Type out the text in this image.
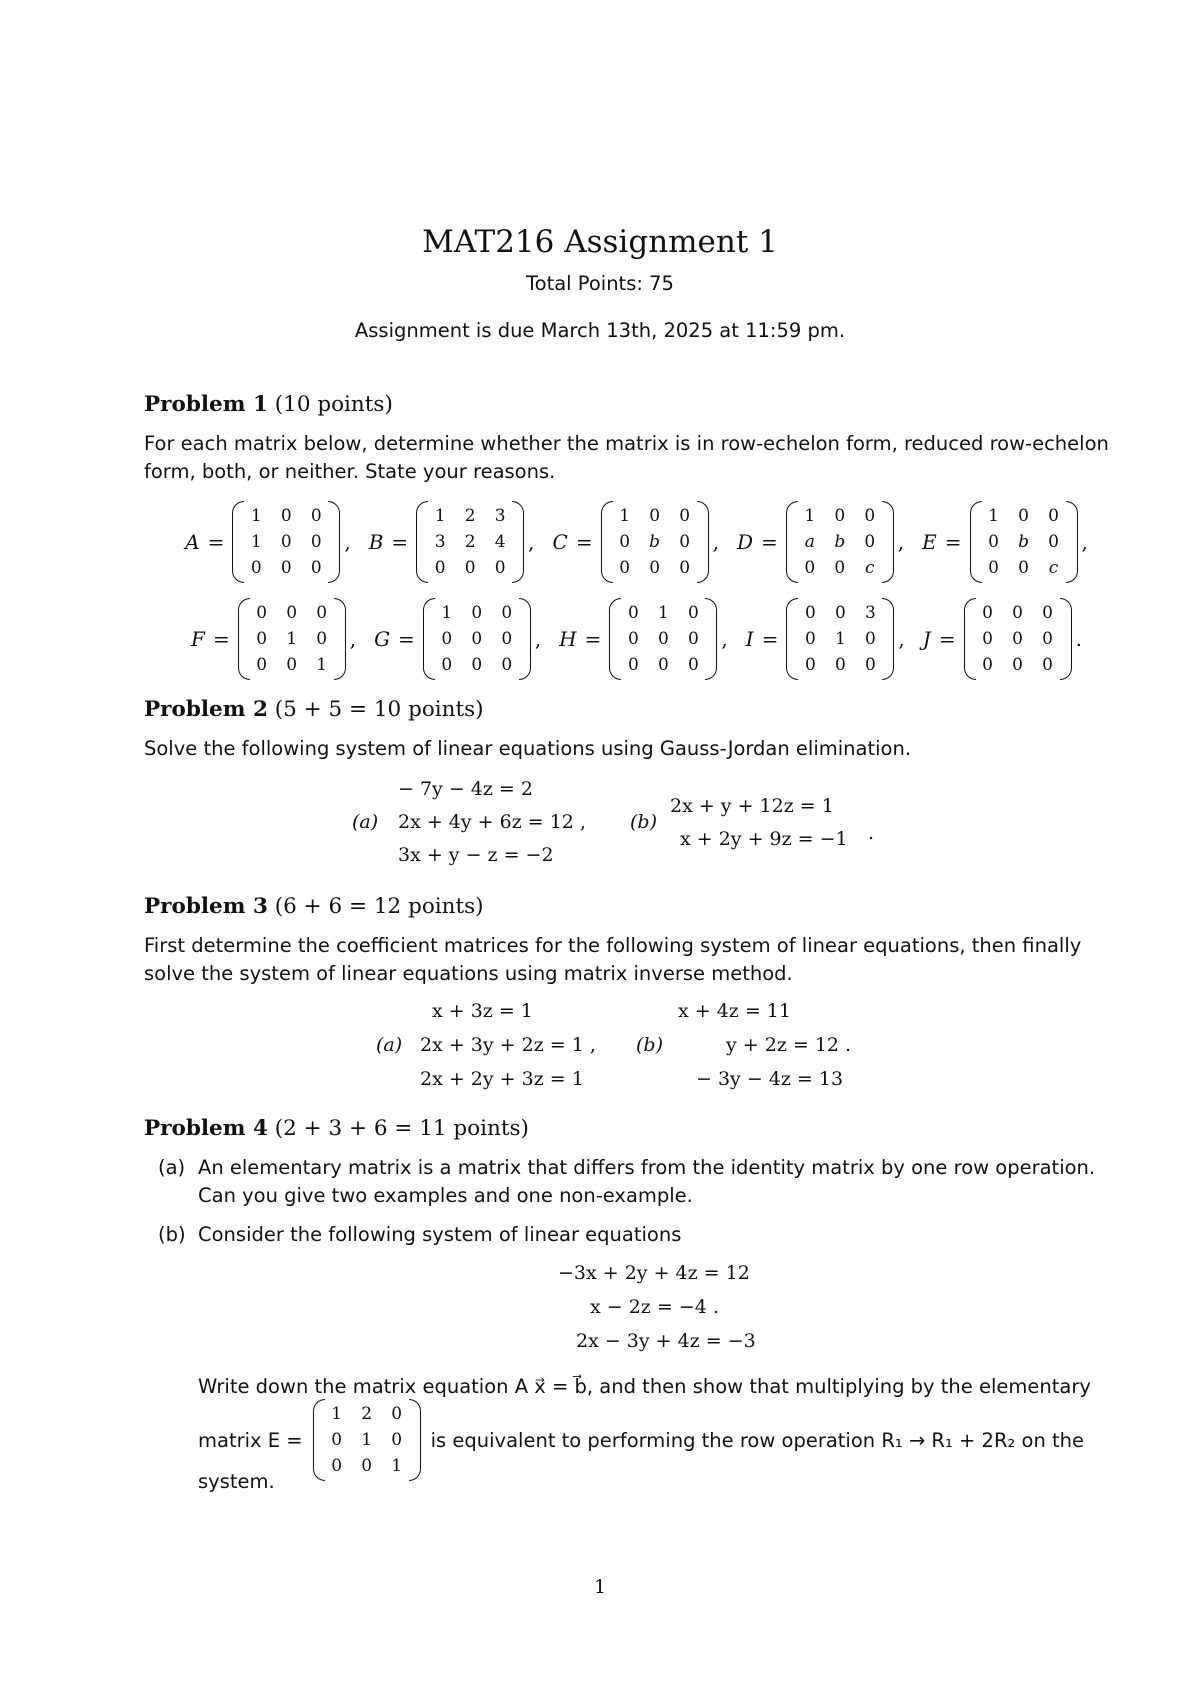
MAT216 Assignment 1
Total Points: 75
Assignment is due March 13th, 2025 at 11:59 pm.
Problem 1 (10 points)
For each matrix below, determine whether the matrix is in row-echelon form, reduced row-echelon form, both, or neither. State your reasons.
A =
1	0	0
1	0	0
0	0	0
, B =
1	2	3
3	2	4
0	0	0
, C =
1	0	0
0	b	0
0	0	0
, D =
1	0	0
a	b	0
0	0	c
, E =
1	0	0
0	b	0
0	0	c
,
F =
0	0	0
0	1	0
0	0	1
, G =
1	0	0
0	0	0
0	0	0
, H =
0	1	0
0	0	0
0	0	0
, I =
0	0	3
0	1	0
0	0	0
, J =
0	0	0
0	0	0
0	0	0
.
Problem 2 (5 + 5 = 10 points)
Solve the following system of linear equations using Gauss-Jordan elimination.
(a)
− 7y − 4z = 2
2x + 4y + 6z = 12 ,
3x + y − z = −2
(b)
2x + y + 12z = 1
x + 2y + 9z = −1 .
Problem 3 (6 + 6 = 12 points)
First determine the coefficient matrices for the following system of linear equations, then finally solve the system of linear equations using matrix inverse method.
(a)
x + 3z = 1
2x + 3y + 2z = 1 ,
2x + 2y + 3z = 1
(b)
x + 4z = 11
y + 2z = 12 .
− 3y − 4z = 13
Problem 4 (2 + 3 + 6 = 11 points)
(a) An elementary matrix is a matrix that differs from the identity matrix by one row operation. Can you give two examples and one non-example.
(b) Consider the following system of linear equations
−3x + 2y + 4z = 12
x − 2z = −4 .
2x − 3y + 4z = −3
Write down the matrix equation A x⃗ = b⃗, and then show that multiplying by the elementary
matrix E =
1	2	0
0	1	0
0	0	1
is equivalent to performing the row operation R₁ → R₁ + 2R₂ on the
system.
1
